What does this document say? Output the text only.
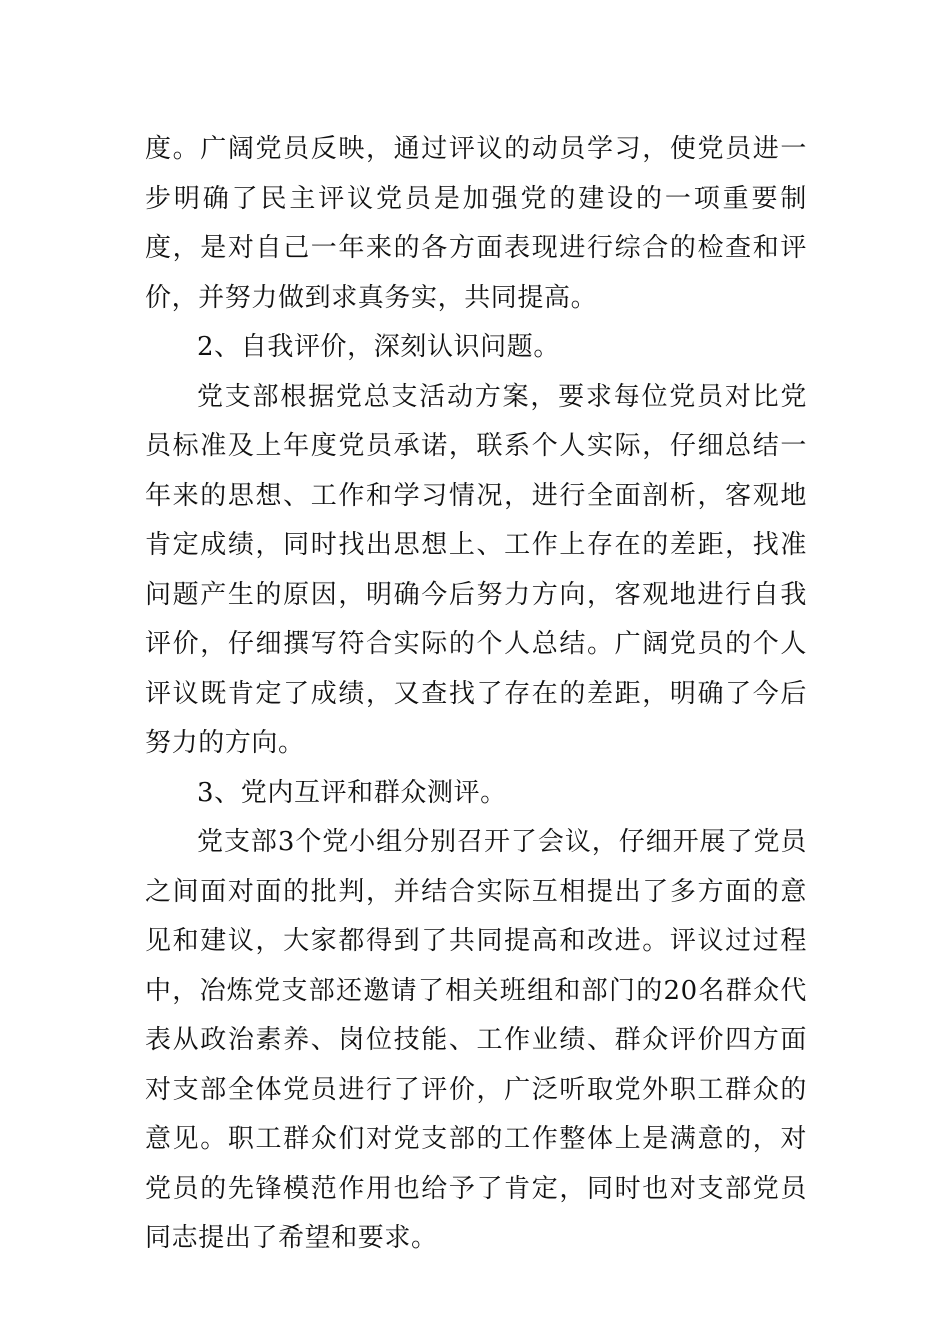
度。广阔党员反映，通过评议的动员学习，使党员进一步明确了民主评议党员是加强党的建设的一项重要制度，是对自己一年来的各方面表现进行综合的检查和评价，并努力做到求真务实，共同提高。

2、自我评价，深刻认识问题。

党支部根据党总支活动方案，要求每位党员对比党员标准及上年度党员承诺，联系个人实际，仔细总结一年来的思想、工作和学习情况，进行全面剖析，客观地肯定成绩，同时找出思想上、工作上存在的差距，找准问题产生的原因，明确今后努力方向，客观地进行自我评价，仔细撰写符合实际的个人总结。广阔党员的个人评议既肯定了成绩，又查找了存在的差距，明确了今后努力的方向。

3、党内互评和群众测评。

党支部3个党小组分别召开了会议，仔细开展了党员之间面对面的批判，并结合实际互相提出了多方面的意见和建议，大家都得到了共同提高和改进。评议过过程中，冶炼党支部还邀请了相关班组和部门的20名群众代表从政治素养、岗位技能、工作业绩、群众评价四方面对支部全体党员进行了评价，广泛听取党外职工群众的意见。职工群众们对党支部的工作整体上是满意的，对党员的先锋模范作用也给予了肯定，同时也对支部党员同志提出了希望和要求。
